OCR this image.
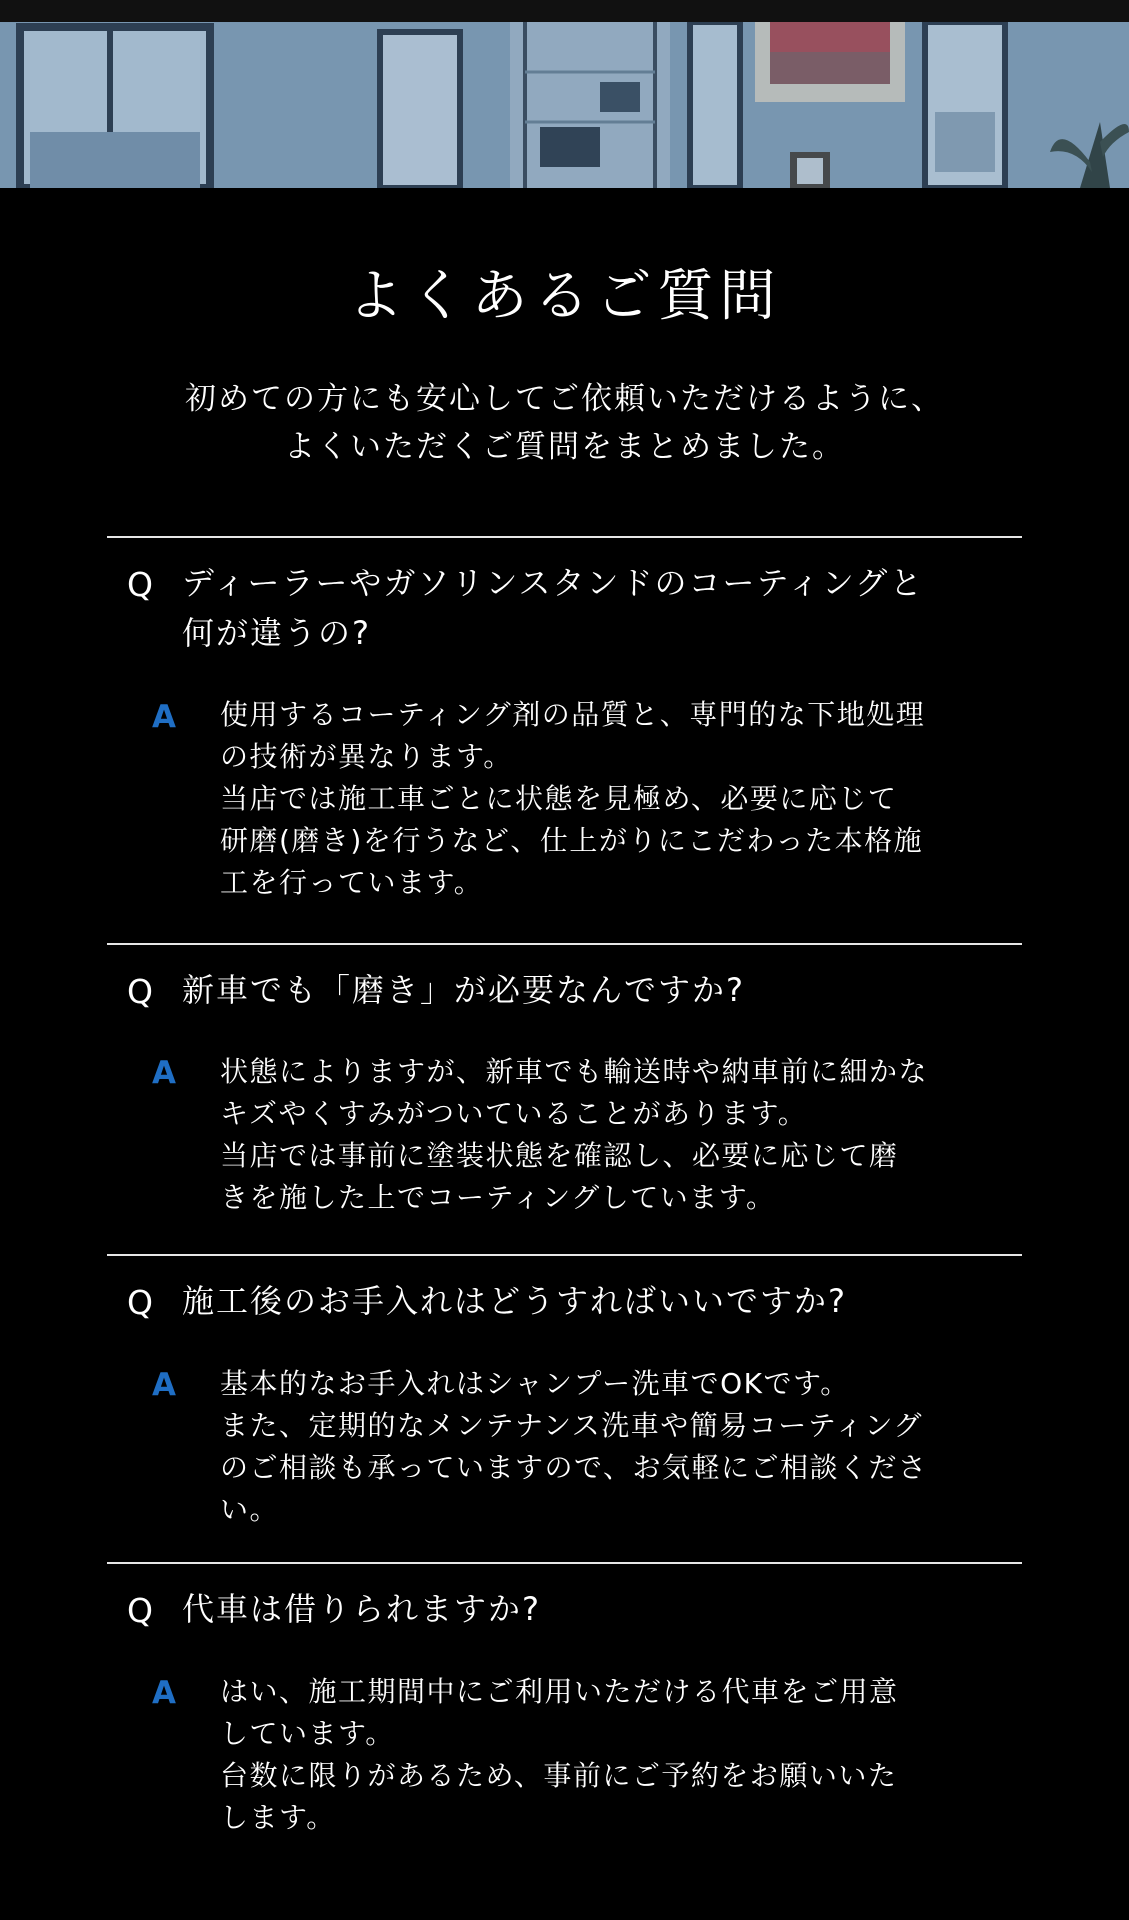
よくあるご質問
初めての方にも安心してご依頼いただけるように、
よくいただくご質問をまとめました。
Q ディーラーやガソリンスタンドのコーティングと
何が違うの?
A 使用するコーティング剤の品質と、専門的な下地処理
の技術が異なります。
当店では施工車ごとに状態を見極め、必要に応じて
研磨(磨き)を行うなど、仕上がりにこだわった本格施
工を行っています。
Q 新車でも「磨き」が必要なんですか?
A 状態によりますが、新車でも輸送時や納車前に細かな
キズやくすみがついていることがあります。
当店では事前に塗装状態を確認し、必要に応じて磨
きを施した上でコーティングしています。
Q 施工後のお手入れはどうすればいいですか?
A 基本的なお手入れはシャンプー洗車でOKです。
また、定期的なメンテナンス洗車や簡易コーティング
のご相談も承っていますので、お気軽にご相談くださ
い。
Q 代車は借りられますか?
A はい、施工期間中にご利用いただける代車をご用意
しています。
台数に限りがあるため、事前にご予約をお願いいた
します。
